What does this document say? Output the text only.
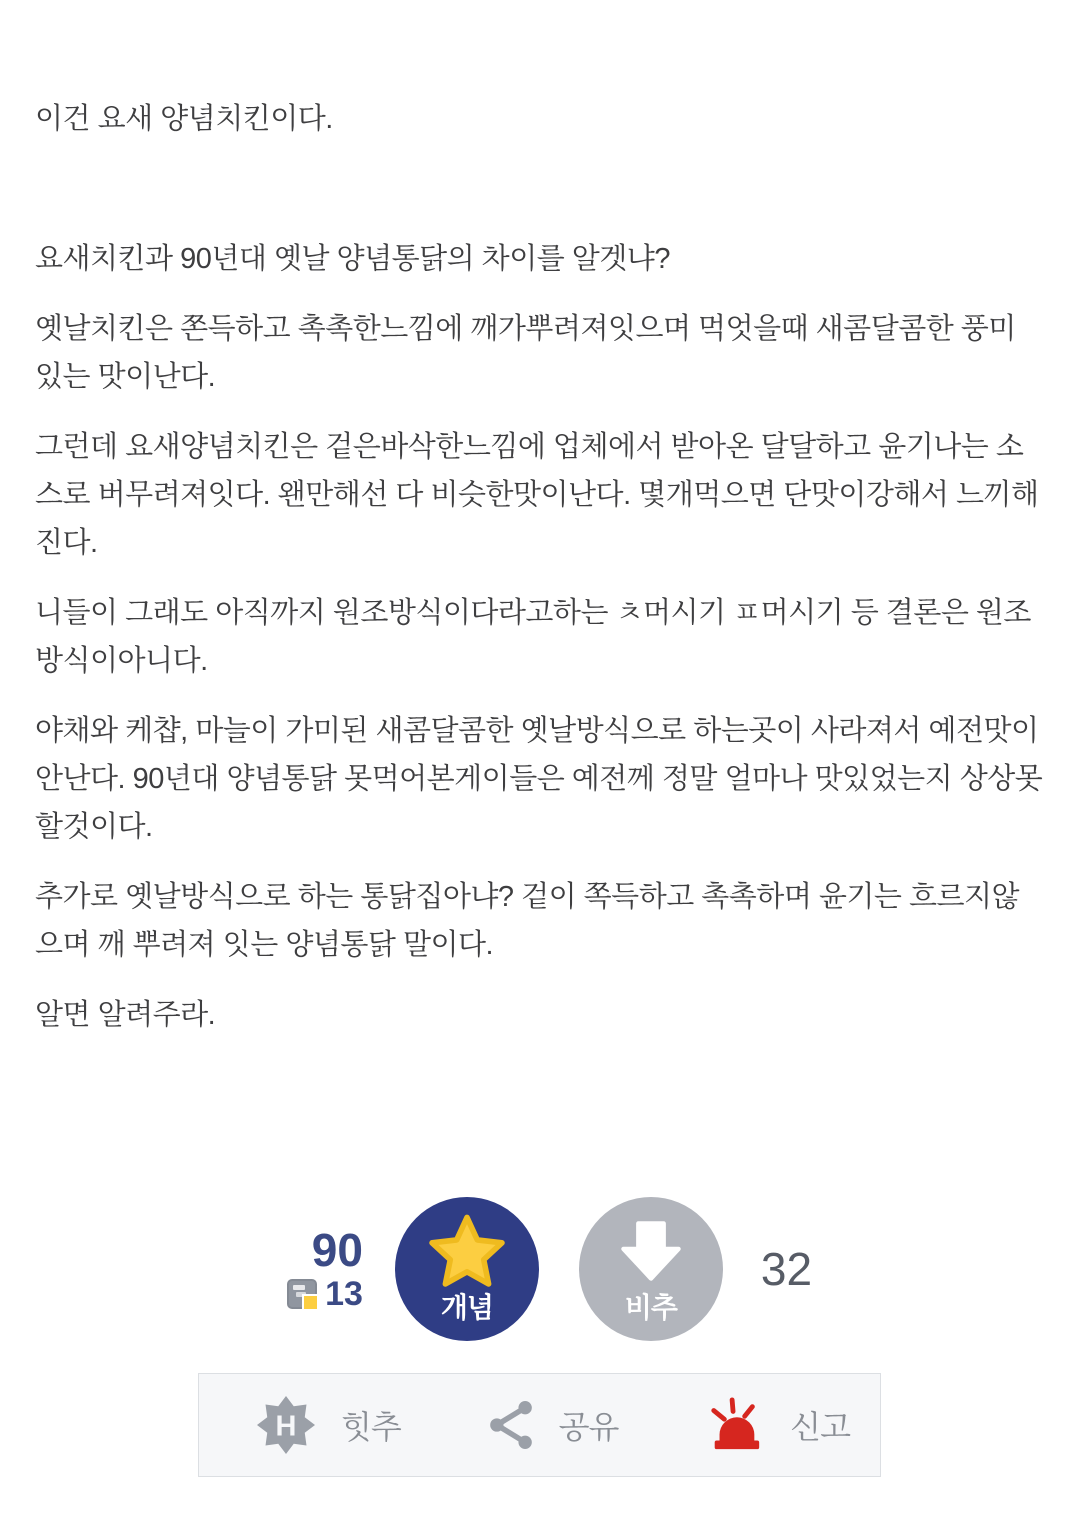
이건 요새 양념치킨이다.

요새치킨과 90년대 옛날 양념통닭의 차이를 알겟냐?

옛날치킨은 쫀득하고 촉촉한느낌에 깨가뿌려져잇으며 먹엇을때 새콤달콤한 풍미 있는 맛이난다.

그런데 요새양념치킨은 겉은바삭한느낌에 업체에서 받아온 달달하고 윤기나는 소스로 버무려져잇다. 왠만해선 다 비슷한맛이난다. 몇개먹으면 단맛이강해서 느끼해진다.

니들이 그래도 아직까지 원조방식이다라고하는 ㅊ머시기 ㅍ머시기 등 결론은 원조방식이아니다.

야채와 케챱, 마늘이 가미된 새콤달콤한 옛날방식으로 하는곳이 사라져서 예전맛이 안난다. 90년대 양념통닭 못먹어본게이들은 예전께 정말 얼마나 맛있었는지 상상못할것이다.

추가로 옛날방식으로 하는 통닭집아냐? 겉이 쪽득하고 촉촉하며 윤기는 흐르지않으며 깨 뿌려져 잇는 양념통닭 말이다.

알면 알려주라.

90
13	개념	비추
32
H 힛추	공유	신고
